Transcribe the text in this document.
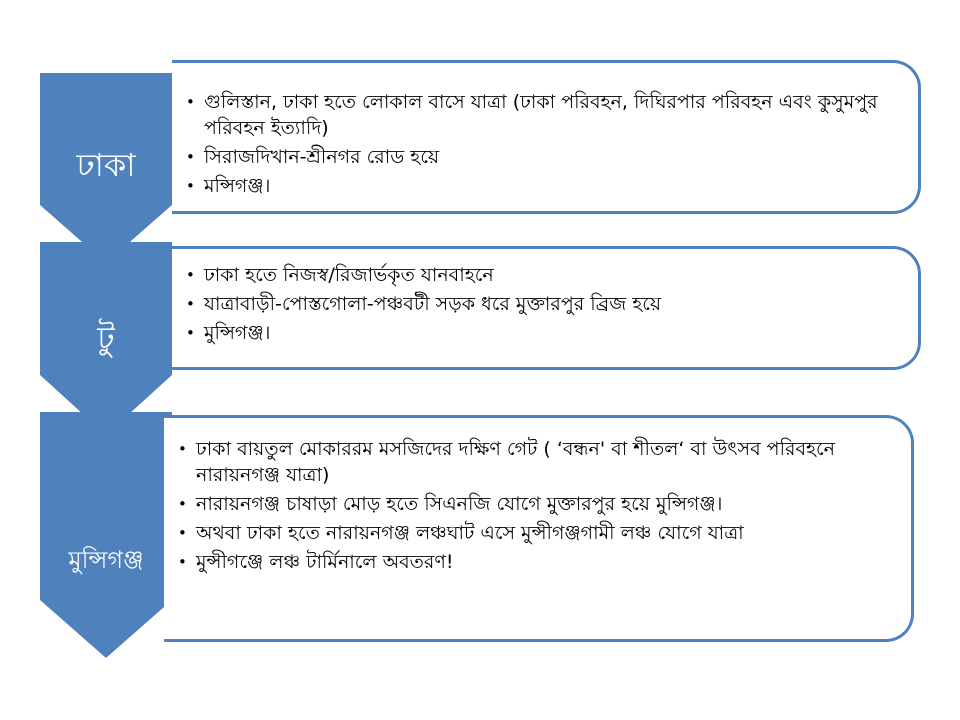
ঢাকা
• গুলিস্তান, ঢাকা হতে লোকাল বাসে যাত্রা (ঢাকা পরিবহন, দিঘিরপার পরিবহন এবং কুসুমপুর পরিবহন ইত্যাদি)
• সিরাজদিখান-শ্রীনগর রোড হয়ে
• মন্সিগঞ্জ।
টু
• ঢাকা হতে নিজস্ব/রিজার্ভকৃত যানবাহনে
• যাত্রাবাড়ী-পোস্তগোলা-পঞ্চবটী সড়ক ধরে মুক্তারপুর ব্রিজ হয়ে
• মুন্সিগঞ্জ।
মুন্সিগঞ্জ
• ঢাকা বায়তুল মোকাররম মসজিদের দক্ষিণ গেট ( ‘বন্ধন' বা শীতল‘ বা উৎসব পরিবহনে নারায়নগঞ্জ যাত্রা)
• নারায়নগঞ্জ চাষাড়া মোড় হতে সিএনজি যোগে মুক্তারপুর হয়ে মুন্সিগঞ্জ।
• অথবা ঢাকা হতে নারায়নগঞ্জ লঞ্চঘাট এসে মুন্সীগঞ্জগামী লঞ্চ যোগে যাত্রা
• মুন্সীগঞ্জে লঞ্চ টার্মিনালে অবতরণ!
